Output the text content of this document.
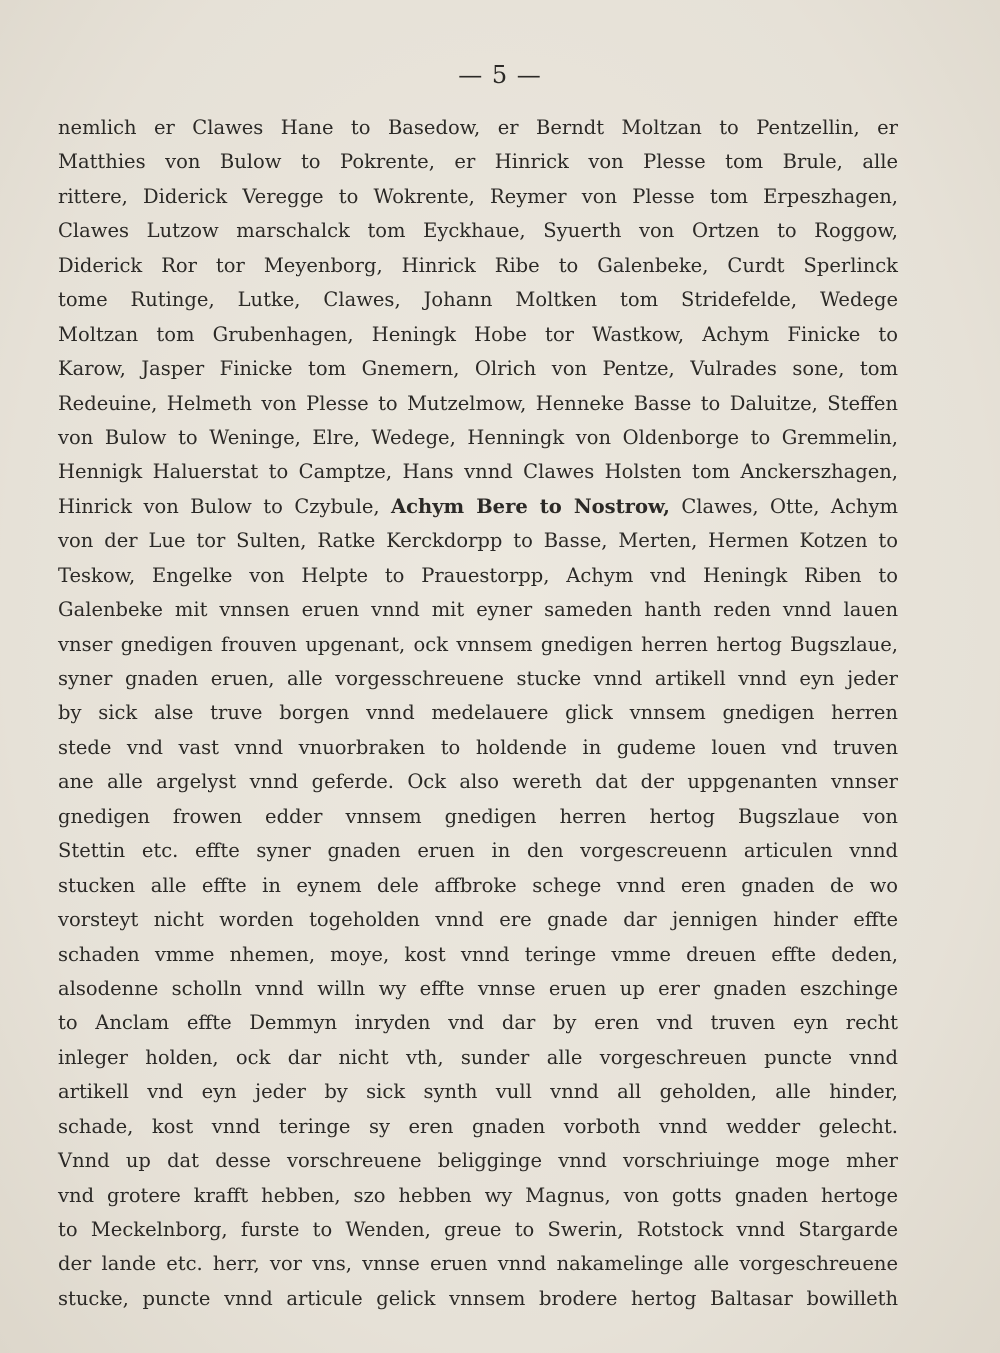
— 5 —
nemlich er Clawes Hane to Basedow, er Berndt Moltzan to Pentzellin, er
Matthies von Bulow to Pokrente, er Hinrick von Plesse tom Brule, alle
rittere, Diderick Veregge to Wokrente, Reymer von Plesse tom Erpeszhagen,
Clawes Lutzow marschalck tom Eyckhaue, Syuerth von Ortzen to Roggow,
Diderick Ror tor Meyenborg, Hinrick Ribe to Galenbeke, Curdt Sperlinck
tome Rutinge, Lutke, Clawes, Johann Moltken tom Stridefelde, Wedege
Moltzan tom Grubenhagen, Heningk Hobe tor Wastkow, Achym Finicke to
Karow, Jasper Finicke tom Gnemern, Olrich von Pentze, Vulrades sone, tom
Redeuine, Helmeth von Plesse to Mutzelmow, Henneke Basse to Daluitze, Steffen
von Bulow to Weninge, Elre, Wedege, Henningk von Oldenborge to Gremmelin,
Hennigk Haluerstat to Camptze, Hans vnnd Clawes Holsten tom Anckerszhagen,
Hinrick von Bulow to Czybule, Achym Bere to Nostrow, Clawes, Otte, Achym
von der Lue tor Sulten, Ratke Kerckdorpp to Basse, Merten, Hermen Kotzen to
Teskow, Engelke von Helpte to Prauestorpp, Achym vnd Heningk Riben to
Galenbeke mit vnnsen eruen vnnd mit eyner sameden hanth reden vnnd lauen
vnser gnedigen frouven upgenant, ock vnnsem gnedigen herren hertog Bugszlaue,
syner gnaden eruen, alle vorgesschreuene stucke vnnd artikell vnnd eyn jeder
by sick alse truve borgen vnnd medelauere glick vnnsem gnedigen herren
stede vnd vast vnnd vnuorbraken to holdende in gudeme louen vnd truven
ane alle argelyst vnnd geferde. Ock also wereth dat der uppgenanten vnnser
gnedigen frowen edder vnnsem gnedigen herren hertog Bugszlaue von
Stettin etc. effte syner gnaden eruen in den vorgescreuenn articulen vnnd
stucken alle effte in eynem dele affbroke schege vnnd eren gnaden de wo
vorsteyt nicht worden togeholden vnnd ere gnade dar jennigen hinder effte
schaden vmme nhemen, moye, kost vnnd teringe vmme dreuen effte deden,
alsodenne scholln vnnd willn wy effte vnnse eruen up erer gnaden eszchinge
to Anclam effte Demmyn inryden vnd dar by eren vnd truven eyn recht
inleger holden, ock dar nicht vth, sunder alle vorgeschreuen puncte vnnd
artikell vnd eyn jeder by sick synth vull vnnd all geholden, alle hinder,
schade, kost vnnd teringe sy eren gnaden vorboth vnnd wedder gelecht.
Vnnd up dat desse vorschreuene beligginge vnnd vorschriuinge moge mher
vnd grotere krafft hebben, szo hebben wy Magnus, von gotts gnaden hertoge
to Meckelnborg, furste to Wenden, greue to Swerin, Rotstock vnnd Stargarde
der lande etc. herr, vor vns, vnnse eruen vnnd nakamelinge alle vorgeschreuene
stucke, puncte vnnd articule gelick vnnsem brodere hertog Baltasar bowilleth
